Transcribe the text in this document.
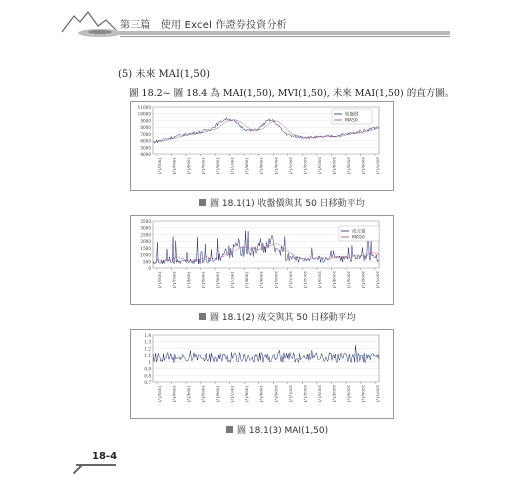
第三篇　使用 Excel 作證券投資分析
(5) 未來 MAI(1,50)
圖 18.2~ 圖 18.4 為 MAI(1,50), MVI(1,50), 未來 MAI(1,50) 的直方圖。
11000
10000
9000
8000
7000
6000
5000
4000
1992/1/1 1993/1/1 1994/1/1 1995/1/1 1996/1/1 1997/1/1 1998/1/1 1999/1/1 2000/1/1 2001/1/1 2002/1/1 2003/1/1 2004/1/1 2005/1/1 2006/1/1 2007/1/1
收盤價
MA50
圖 18.1(1) 收盤價與其 50 日移動平均
3500
3000
2500
2000
1500
1000
500
0
1992/1/1 1993/1/1 1994/1/1 1995/1/1 1996/1/1 1997/1/1 1998/1/1 1999/1/1 2000/1/1 2001/1/1 2002/1/1 2003/1/1 2004/1/1 2005/1/1 2006/1/1 2007/1/1
成交量
MA50
圖 18.1(2) 成交與其 50 日移動平均
1.4
1.3
1.2
1.1
1
0.9
0.8
0.7
1992/1/1 1993/1/1 1994/1/1 1995/1/1 1996/1/1 1997/1/1 1998/1/1 1999/1/1 2000/1/1 2001/1/1 2002/1/1 2003/1/1 2004/1/1 2005/1/1 2006/1/1 2007/1/1
圖 18.1(3) MAI(1,50)
18-4
